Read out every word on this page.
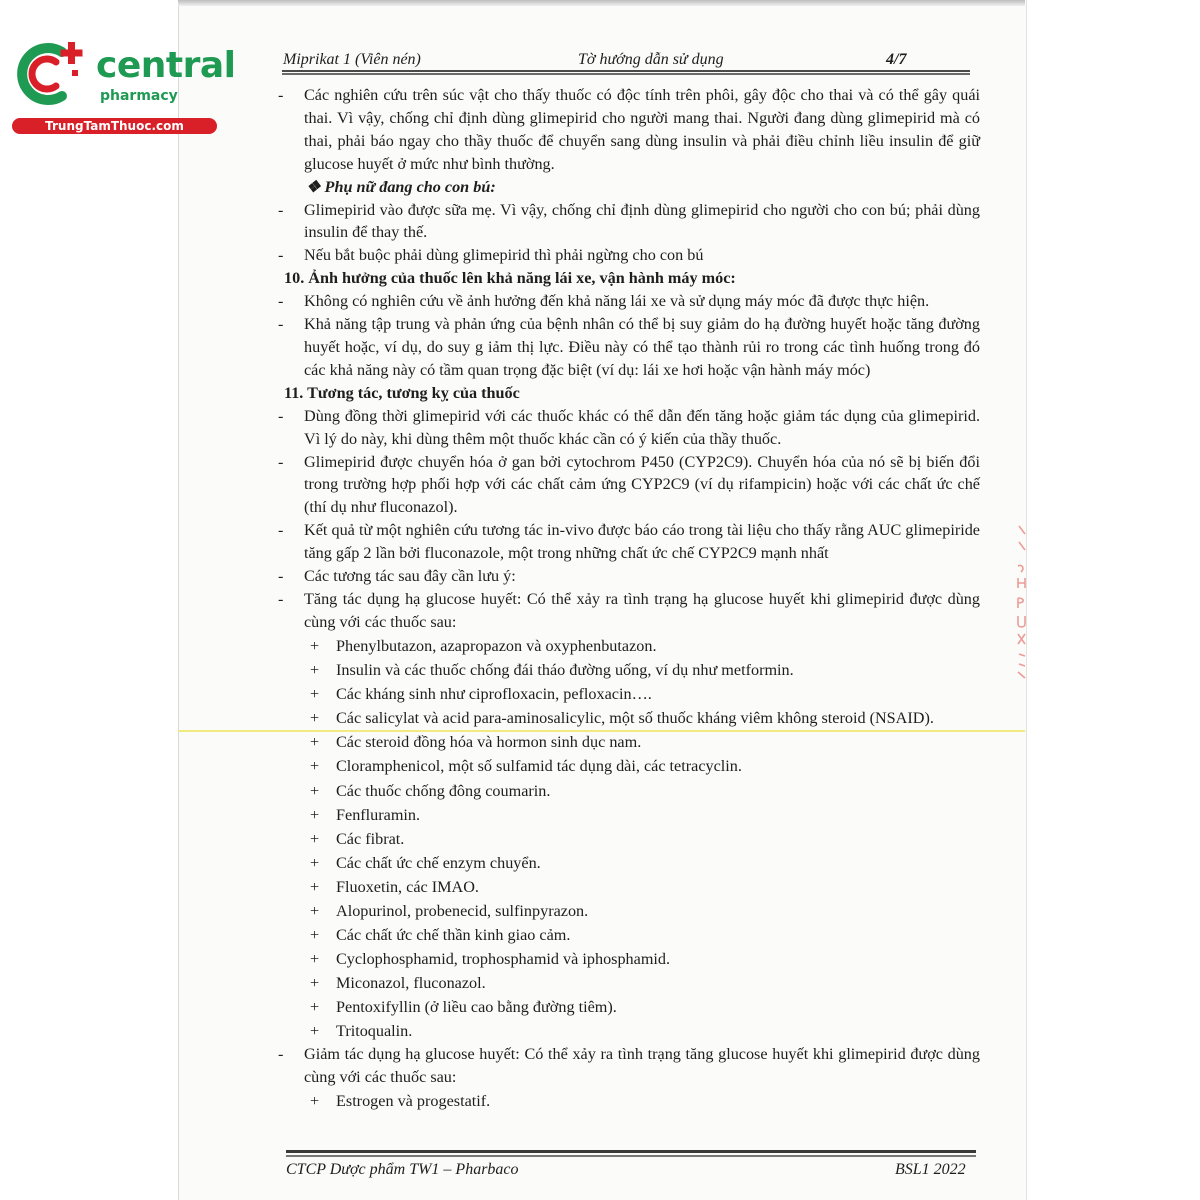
central
pharmacy
TrungTamThuoc.com
Miprikat 1 (Viên nén)	Tờ hướng dẫn sử dụng	4/7
- Các nghiên cứu trên súc vật cho thấy thuốc có độc tính trên phôi, gây độc cho thai và có thể gây quái thai. Vì vậy, chống chỉ định dùng glimepirid cho người mang thai. Người đang dùng glimepirid mà có thai, phải báo ngay cho thầy thuốc để chuyển sang dùng insulin và phải điều chỉnh liều insulin để giữ glucose huyết ở mức như bình thường.
❖ Phụ nữ đang cho con bú:
- Glimepirid vào được sữa mẹ. Vì vậy, chống chỉ định dùng glimepirid cho người cho con bú; phải dùng insulin để thay thế.
- Nếu bắt buộc phải dùng glimepirid thì phải ngừng cho con bú
10. Ảnh hưởng của thuốc lên khả năng lái xe, vận hành máy móc:
- Không có nghiên cứu về ảnh hưởng đến khả năng lái xe và sử dụng máy móc đã được thực hiện.
- Khả năng tập trung và phản ứng của bệnh nhân có thể bị suy giảm do hạ đường huyết hoặc tăng đường huyết hoặc, ví dụ, do suy g iảm thị lực. Điều này có thể tạo thành rủi ro trong các tình huống trong đó các khả năng này có tầm quan trọng đặc biệt (ví dụ: lái xe hơi hoặc vận hành máy móc)
11. Tương tác, tương kỵ của thuốc
- Dùng đồng thời glimepirid với các thuốc khác có thể dẫn đến tăng hoặc giảm tác dụng của glimepirid. Vì lý do này, khi dùng thêm một thuốc khác cần có ý kiến của thầy thuốc.
- Glimepirid được chuyển hóa ở gan bởi cytochrom P450 (CYP2C9). Chuyển hóa của nó sẽ bị biến đổi trong trường hợp phối hợp với các chất cảm ứng CYP2C9 (ví dụ rifampicin) hoặc với các chất ức chế (thí dụ như fluconazol).
- Kết quả từ một nghiên cứu tương tác in-vivo được báo cáo trong tài liệu cho thấy rằng AUC glimepiride tăng gấp 2 lần bởi fluconazole, một trong những chất ức chế CYP2C9 mạnh nhất
- Các tương tác sau đây cần lưu ý:
- Tăng tác dụng hạ glucose huyết: Có thể xảy ra tình trạng hạ glucose huyết khi glimepirid được dùng cùng với các thuốc sau:
+ Phenylbutazon, azapropazon và oxyphenbutazon.
+ Insulin và các thuốc chống đái tháo đường uống, ví dụ như metformin.
+ Các kháng sinh như ciprofloxacin, pefloxacin….
+ Các salicylat và acid para-aminosalicylic, một số thuốc kháng viêm không steroid (NSAID).
+ Các steroid đồng hóa và hormon sinh dục nam.
+ Cloramphenicol, một số sulfamid tác dụng dài, các tetracyclin.
+ Các thuốc chống đông coumarin.
+ Fenfluramin.
+ Các fibrat.
+ Các chất ức chế enzym chuyển.
+ Fluoxetin, các IMAO.
+ Alopurinol, probenecid, sulfinpyrazon.
+ Các chất ức chế thần kinh giao cảm.
+ Cyclophosphamid, trophosphamid và iphosphamid.
+ Miconazol, fluconazol.
+ Pentoxifyllin (ở liều cao bằng đường tiêm).
+ Tritoqualin.
- Giảm tác dụng hạ glucose huyết: Có thể xảy ra tình trạng tăng glucose huyết khi glimepirid được dùng cùng với các thuốc sau:
+ Estrogen và progestatif.
CTCP Dược phẩm TW1 – Pharbaco	BSL1 2022
